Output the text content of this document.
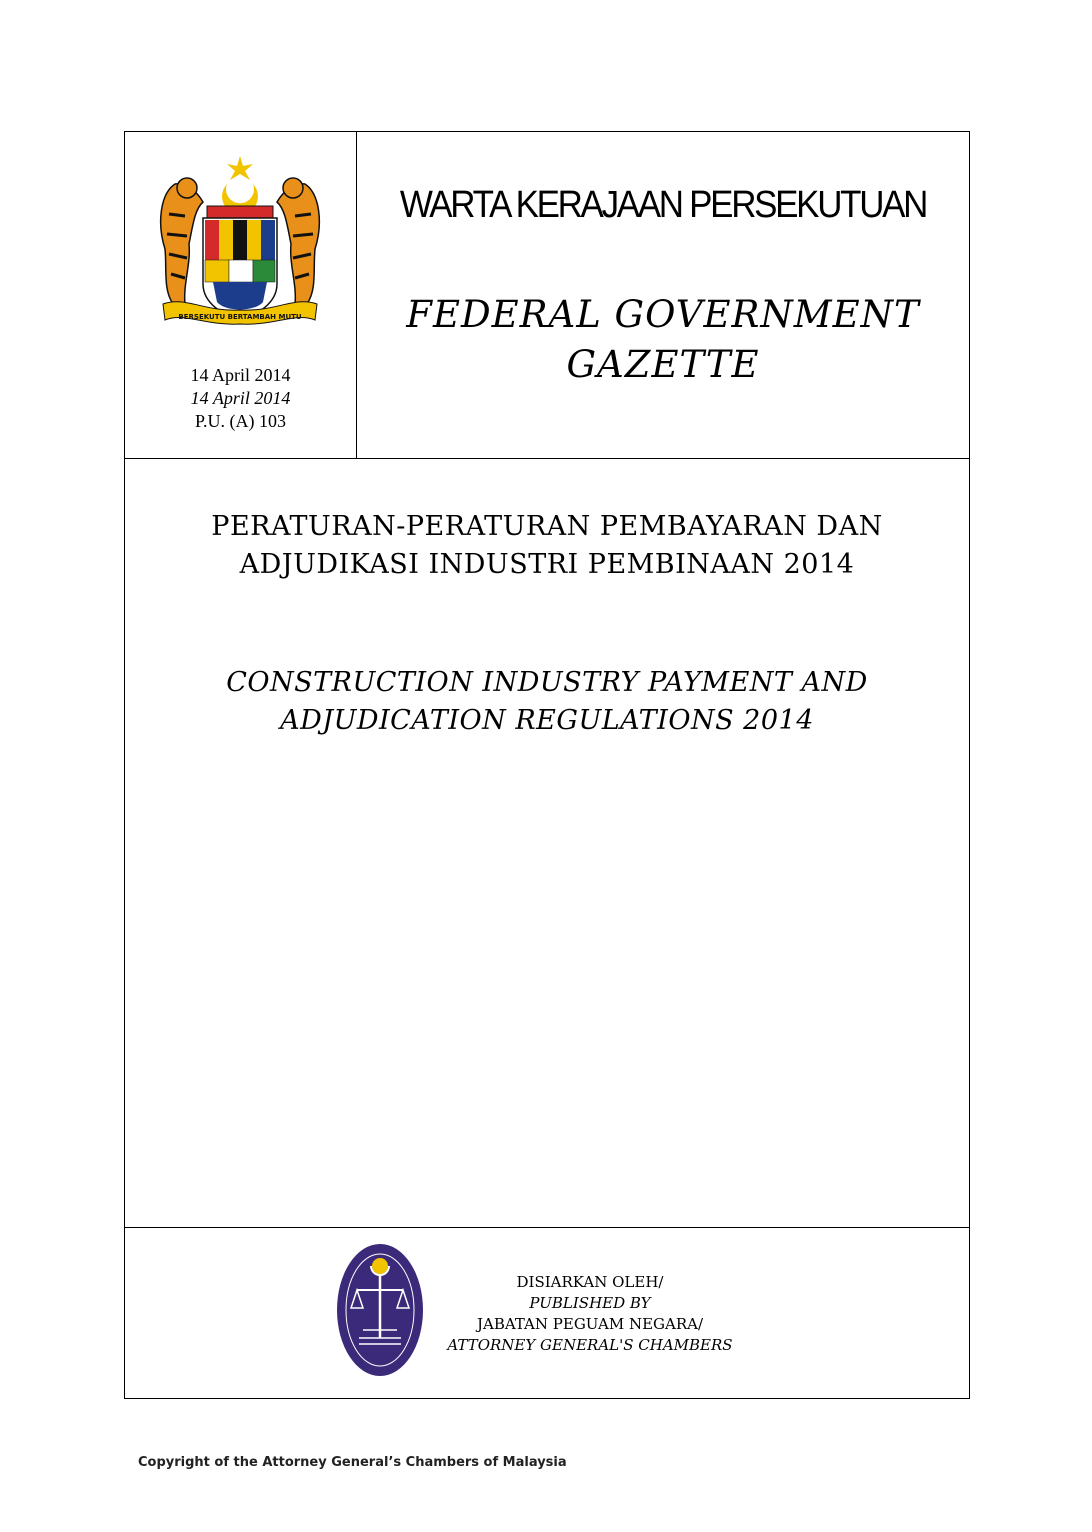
BERSEKUTU BERTAMBAH MUTU
14 April 2014
14 April 2014
P.U. (A) 103
WARTA KERAJAAN PERSEKUTUAN
FEDERAL GOVERNMENT
GAZETTE
PERATURAN-PERATURAN PEMBAYARAN DAN
ADJUDIKASI INDUSTRI PEMBINAAN 2014
CONSTRUCTION INDUSTRY PAYMENT AND
ADJUDICATION REGULATIONS 2014
DISIARKAN OLEH/
PUBLISHED BY
JABATAN PEGUAM NEGARA/
ATTORNEY GENERAL'S CHAMBERS
Copyright of the Attorney General’s Chambers of Malaysia
